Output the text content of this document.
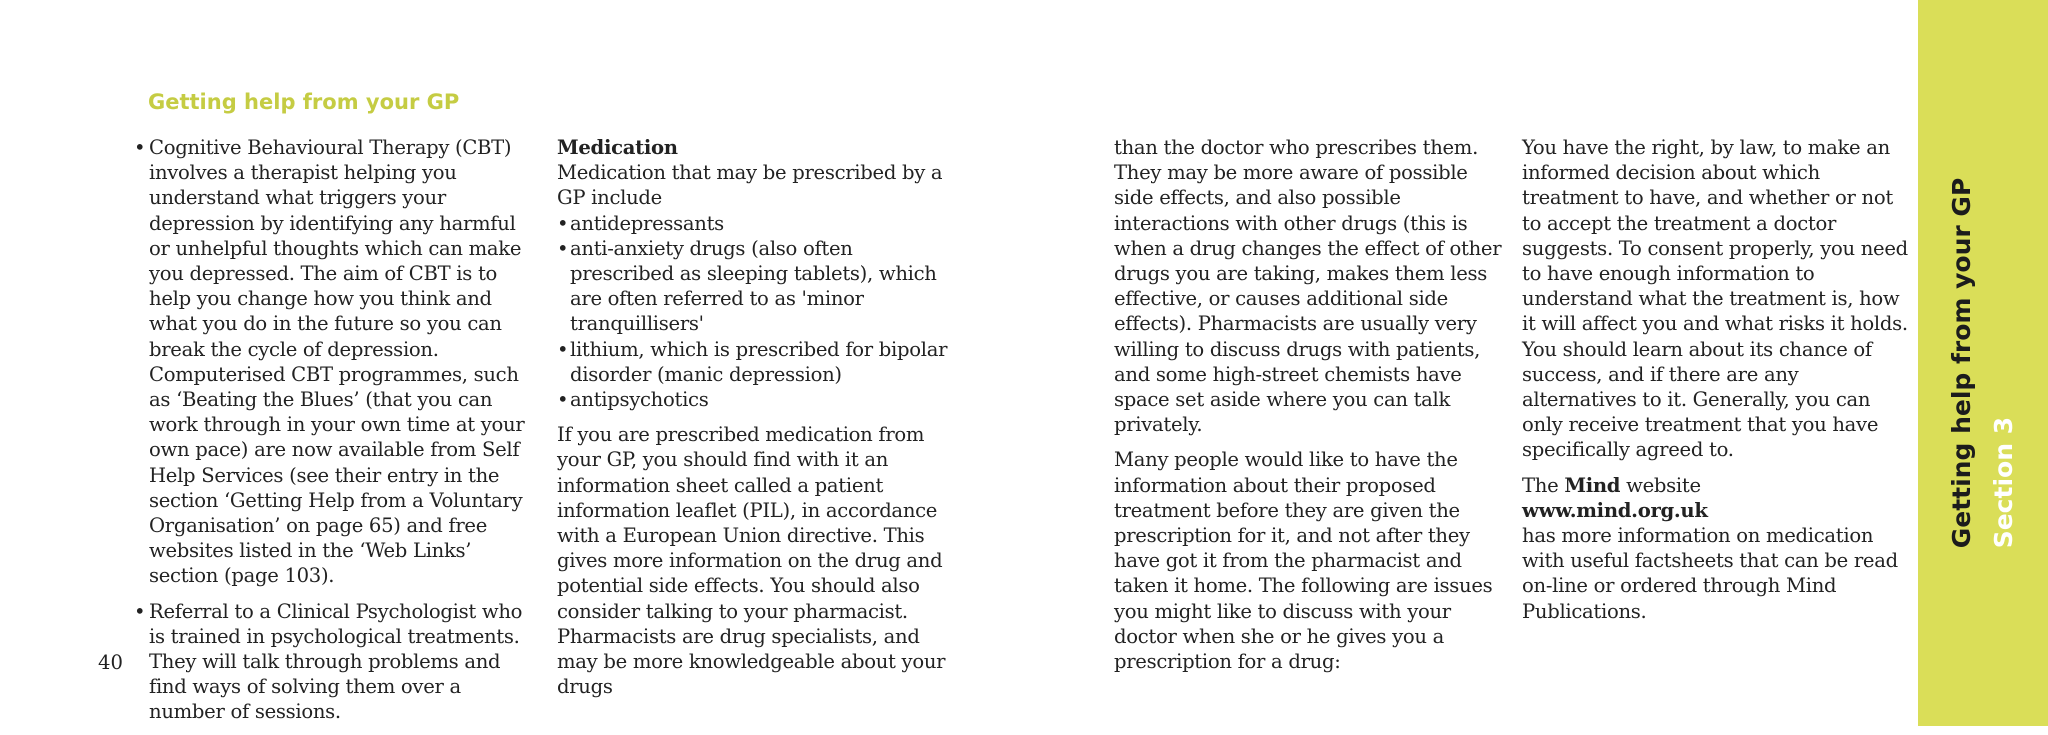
Getting help from your GP
• Cognitive Behavioural Therapy (CBT) involves a therapist helping you understand what triggers your depression by identifying any harmful or unhelpful thoughts which can make you depressed. The aim of CBT is to help you change how you think and what you do in the future so you can break the cycle of depression. Computerised CBT programmes, such as ‘Beating the Blues’ (that you can work through in your own time at your own pace) are now available from Self Help Services (see their entry in the section ‘Getting Help from a Voluntary Organisation’ on page 65) and free websites listed in the ‘Web Links’ section (page 103).
• Referral to a Clinical Psychologist who is trained in psychological treatments. They will talk through problems and find ways of solving them over a number of sessions.
Medication
Medication that may be prescribed by a GP include
• antidepressants
• anti-anxiety drugs (also often prescribed as sleeping tablets), which are often referred to as 'minor tranquillisers'
• lithium, which is prescribed for bipolar disorder (manic depression)
• antipsychotics

If you are prescribed medication from your GP, you should find with it an information sheet called a patient information leaflet (PIL), in accordance with a European Union directive. This gives more information on the drug and potential side effects. You should also consider talking to your pharmacist. Pharmacists are drug specialists, and may be more knowledgeable about your drugs

than the doctor who prescribes them. They may be more aware of possible side effects, and also possible interactions with other drugs (this is when a drug changes the effect of other drugs you are taking, makes them less effective, or causes additional side effects). Pharmacists are usually very willing to discuss drugs with patients, and some high-street chemists have space set aside where you can talk privately.

Many people would like to have the information about their proposed treatment before they are given the prescription for it, and not after they have got it from the pharmacist and taken it home. The following are issues you might like to discuss with your doctor when she or he gives you a prescription for a drug:

You have the right, by law, to make an informed decision about which treatment to have, and whether or not to accept the treatment a doctor suggests. To consent properly, you need to have enough information to understand what the treatment is, how it will affect you and what risks it holds. You should learn about its chance of success, and if there are any alternatives to it. Generally, you can only receive treatment that you have specifically agreed to.

The Mind website
www.mind.org.uk
has more information on medication with useful factsheets that can be read on-line or ordered through Mind Publications.

40
Getting help from your GP Section 3
